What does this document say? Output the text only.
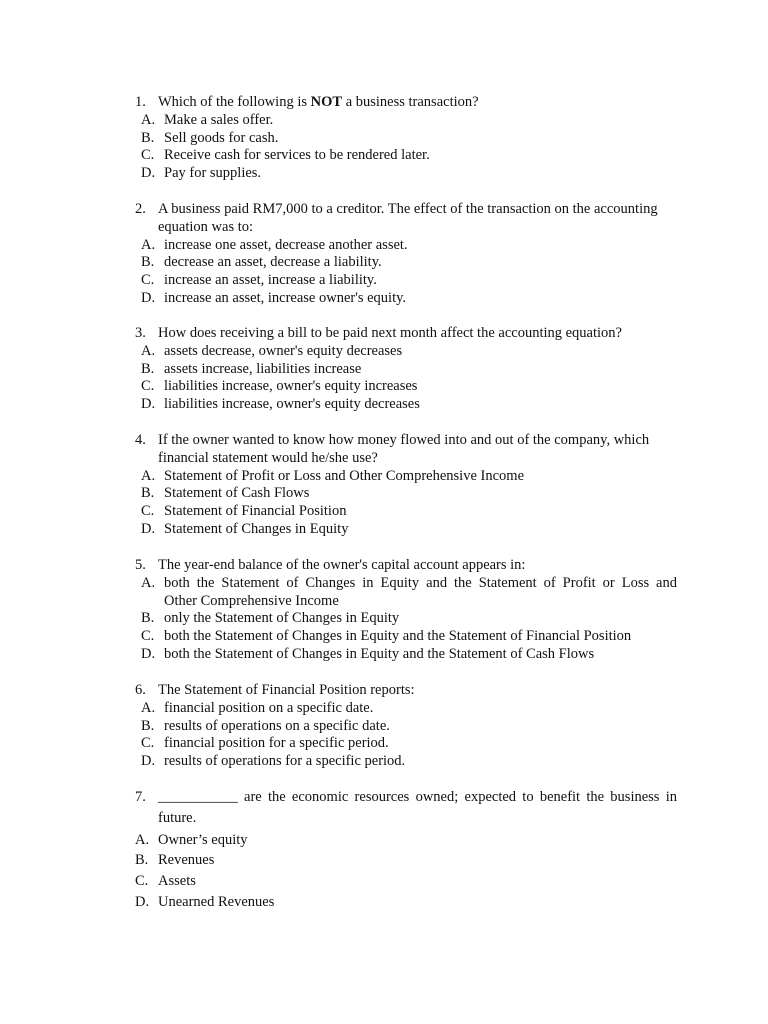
1. Which of the following is NOT a business transaction?
A. Make a sales offer.
B. Sell goods for cash.
C. Receive cash for services to be rendered later.
D. Pay for supplies.
2. A business paid RM7,000 to a creditor. The effect of the transaction on the accounting
equation was to:
A. increase one asset, decrease another asset.
B. decrease an asset, decrease a liability.
C. increase an asset, increase a liability.
D. increase an asset, increase owner's equity.
3. How does receiving a bill to be paid next month affect the accounting equation?
A. assets decrease, owner's equity decreases
B. assets increase, liabilities increase
C. liabilities increase, owner's equity increases
D. liabilities increase, owner's equity decreases
4. If the owner wanted to know how money flowed into and out of the company, which
financial statement would he/she use?
A. Statement of Profit or Loss and Other Comprehensive Income
B. Statement of Cash Flows
C. Statement of Financial Position
D. Statement of Changes in Equity
5. The year-end balance of the owner's capital account appears in:
A. both the Statement of Changes in Equity and the Statement of Profit or Loss and
Other Comprehensive Income
B. only the Statement of Changes in Equity
C. both the Statement of Changes in Equity and the Statement of Financial Position
D. both the Statement of Changes in Equity and the Statement of Cash Flows
6. The Statement of Financial Position reports:
A. financial position on a specific date.
B. results of operations on a specific date.
C. financial position for a specific period.
D. results of operations for a specific period.
7. ___________ are the economic resources owned; expected to benefit the business in
future.
A. Owner’s equity
B. Revenues
C. Assets
D. Unearned Revenues
